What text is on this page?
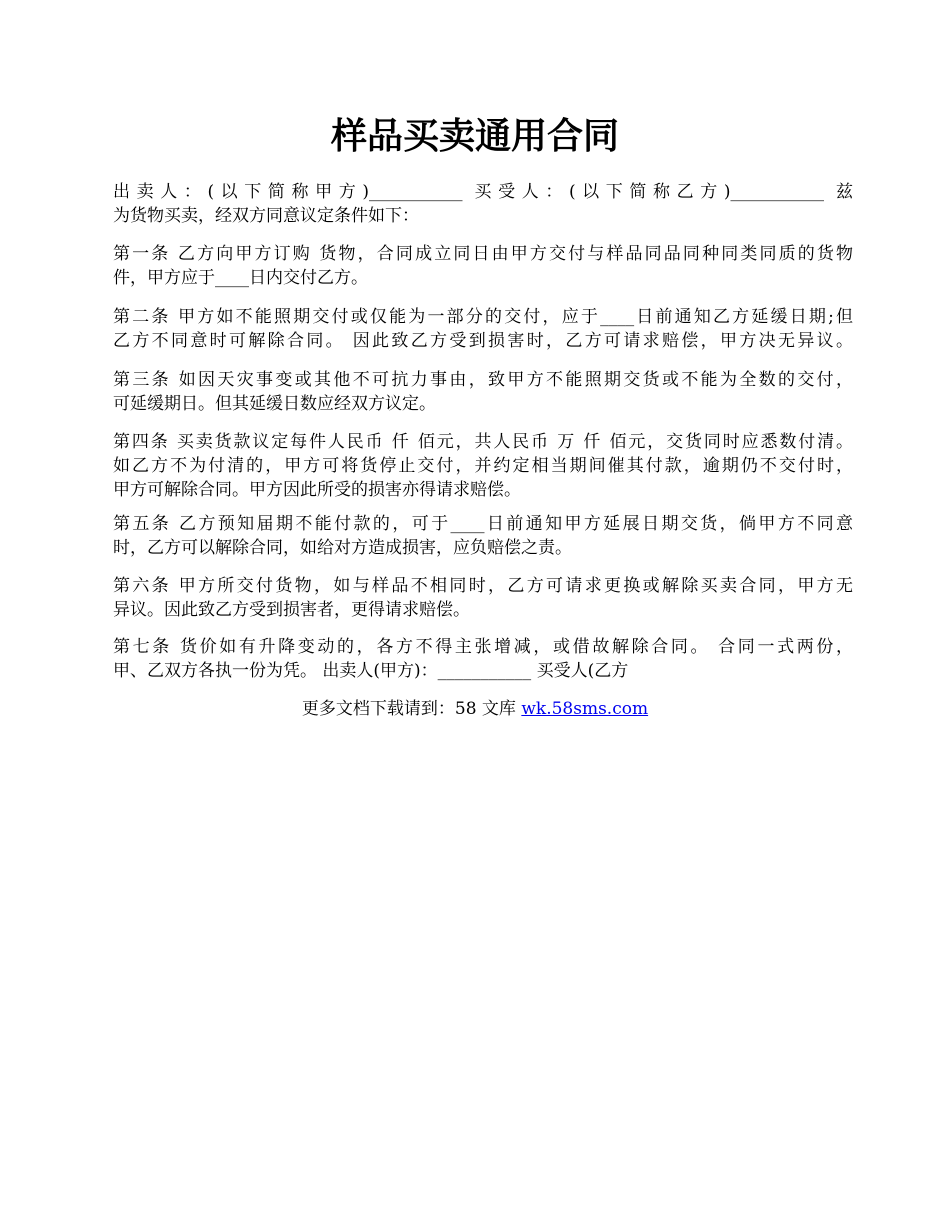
样品买卖通用合同

出卖人：(以下简称甲方)___________ 买受人：(以下简称乙方)___________ 兹
为货物买卖，经双方同意议定条件如下：

第一条 乙方向甲方订购 货物，合同成立同日由甲方交付与样品同品同种同类同质的货物
件，甲方应于____日内交付乙方。

第二条 甲方如不能照期交付或仅能为一部分的交付，应于____日前通知乙方延缓日期;但
乙方不同意时可解除合同。 因此致乙方受到损害时，乙方可请求赔偿，甲方决无异议。

第三条 如因天灾事变或其他不可抗力事由，致甲方不能照期交货或不能为全数的交付，
可延缓期日。但其延缓日数应经双方议定。

第四条 买卖货款议定每件人民币 仟 佰元，共人民币 万 仟 佰元，交货同时应悉数付清。
如乙方不为付清的，甲方可将货停止交付，并约定相当期间催其付款，逾期仍不交付时，
甲方可解除合同。甲方因此所受的损害亦得请求赔偿。

第五条 乙方预知届期不能付款的，可于____日前通知甲方延展日期交货，倘甲方不同意
时，乙方可以解除合同，如给对方造成损害，应负赔偿之责。

第六条 甲方所交付货物，如与样品不相同时，乙方可请求更换或解除买卖合同，甲方无
异议。因此致乙方受到损害者，更得请求赔偿。

第七条 货价如有升降变动的，各方不得主张增减，或借故解除合同。 合同一式两份，
甲、乙双方各执一份为凭。 出卖人(甲方)：___________ 买受人(乙方

更多文档下载请到：58 文库 wk.58sms.com
